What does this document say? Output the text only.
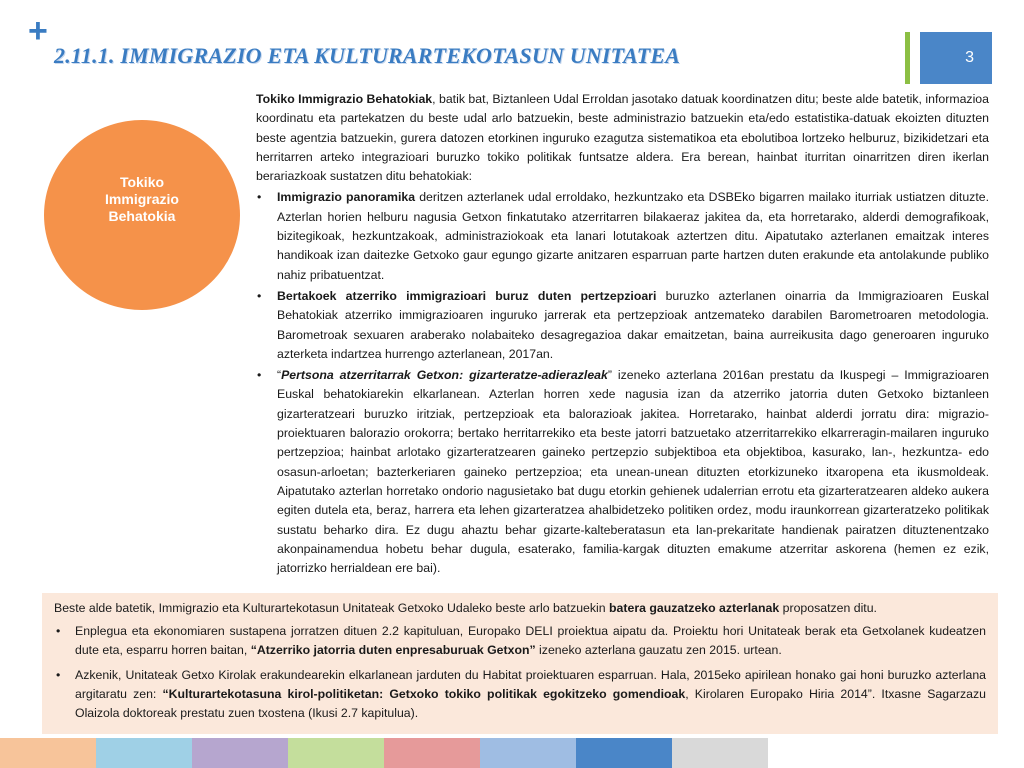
+
2.11.1. IMMIGRAZIO ETA KULTURARTEKOTASUN UNITATEA	3
Tokiko
Immigrazio
Behatokia

Tokiko Immigrazio Behatokiak, batik bat, Biztanleen Udal Erroldan jasotako datuak koordinatzen ditu; beste alde batetik, informazioa koordinatu eta partekatzen du beste udal arlo batzuekin, beste administrazio batzuekin eta/edo estatistika-datuak ekoizten dituzten beste agentzia batzuekin, gurera datozen etorkinen inguruko ezagutza sistematikoa eta ebolutiboa lortzeko helburuz, bizikidetzari eta herritarren arteko integrazioari buruzko tokiko politikak funtsatze aldera. Era berean, hainbat iturritan oinarritzen diren ikerlan berariazkoak sustatzen ditu behatokiak:

• Immigrazio panoramika deritzen azterlanek udal erroldako, hezkuntzako eta DSBEko bigarren mailako iturriak ustiatzen dituzte. Azterlan horien helburu nagusia Getxon finkatutako atzerritarren bilakaeraz jakitea da, eta horretarako, alderdi demografikoak, bizitegikoak, hezkuntzakoak, administraziokoak eta lanari lotutakoak aztertzen ditu. Aipatutako azterlanen emaitzak interes handikoak izan daitezke Getxoko gaur egungo gizarte anitzaren esparruan parte hartzen duten erakunde eta antolakunde publiko nahiz pribatuentzat.
• Bertakoek atzerriko immigrazioari buruz duten pertzepzioari buruzko azterlanen oinarria da Immigrazioaren Euskal Behatokiak atzerriko immigrazioaren inguruko jarrerak eta pertzepzioak antzemateko darabilen Barometroaren metodologia. Barometroak sexuaren araberako nolabaiteko desagregazioa dakar emaitzetan, baina aurreikusita dago generoaren inguruko azterketa indartzea hurrengo azterlanean, 2017an.
• “Pertsona atzerritarrak Getxon: gizarteratze-adierazleak” izeneko azterlana 2016an prestatu da Ikuspegi – Immigrazioaren Euskal behatokiarekin elkarlanean. Azterlan horren xede nagusia izan da atzerriko jatorria duten Getxoko biztanleen gizarteratzeari buruzko iritziak, pertzepzioak eta balorazioak jakitea. Horretarako, hainbat alderdi jorratu dira: migrazio-proiektuaren balorazio orokorra; bertako herritarrekiko eta beste jatorri batzuetako atzerritarrekiko elkarreragin-mailaren inguruko pertzepzioa; hainbat arlotako gizarteratzearen gaineko pertzepzio subjektiboa eta objektiboa, kasurako, lan-, hezkuntza- edo osasun-arloetan; bazterkeriaren gaineko pertzepzioa; eta unean-unean dituzten etorkizuneko itxaropena eta ikusmoldeak. Aipatutako azterlan horretako ondorio nagusietako bat dugu etorkin gehienek udalerrian errotu eta gizarteratzearen aldeko aukera egiten dutela eta, beraz, harrera eta lehen gizarteratzea ahalbidetzeko politiken ordez, modu iraunkorrean gizarteratzeko politikak sustatu beharko dira. Ez dugu ahaztu behar gizarte-kalteberatasun eta lan-prekaritate handienak pairatzen dituztenentzako akonpainamendua hobetu behar dugula, esaterako, familia-kargak dituzten emakume atzerritar askorena (hemen ez ezik, jatorrizko herrialdean ere bai).

Beste alde batetik, Immigrazio eta Kulturartekotasun Unitateak Getxoko Udaleko beste arlo batzuekin batera gauzatzeko azterlanak proposatzen ditu.

• Enplegua eta ekonomiaren sustapena jorratzen dituen 2.2 kapituluan, Europako DELI proiektua aipatu da. Proiektu hori Unitateak berak eta Getxolanek kudeatzen dute eta, esparru horren baitan, “Atzerriko jatorria duten enpresaburuak Getxon” izeneko azterlana gauzatu zen 2015. urtean.
• Azkenik, Unitateak Getxo Kirolak erakundearekin elkarlanean jarduten du Habitat proiektuaren esparruan. Hala, 2015eko apirilean honako gai honi buruzko azterlana argitaratu zen: “Kulturartekotasuna kirol-politiketan: Getxoko tokiko politikak egokitzeko gomendioak, Kirolaren Europako Hiria 2014”. Itxasne Sagarzazu Olaizola doktoreak prestatu zuen txostena (Ikusi 2.7 kapitulua).
